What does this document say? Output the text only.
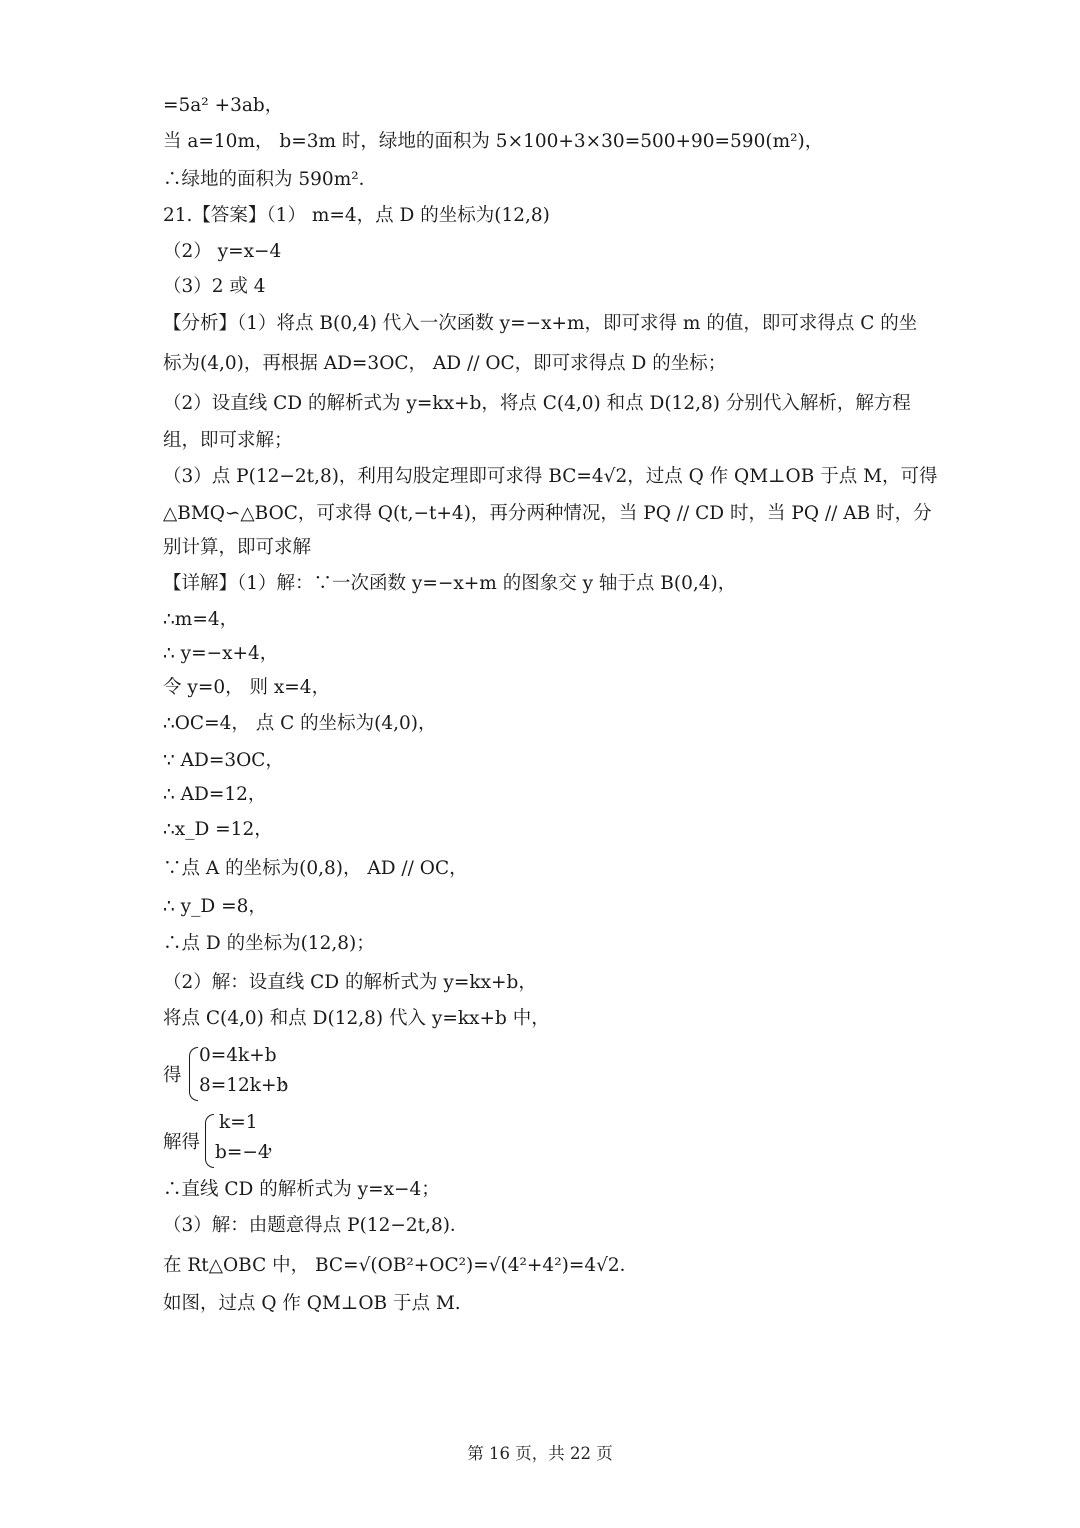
=5a² +3ab，
当 a=10m， b=3m 时，绿地的面积为 5×100+3×30=500+90=590(m²)，
∴绿地的面积为 590m²．
21.【答案】（1） m=4，点 D 的坐标为(12,8)
（2） y=x−4
（3）2 或 4
【分析】（1）将点 B(0,4) 代入一次函数 y=−x+m，即可求得 m 的值，即可求得点 C 的坐
标为(4,0)，再根据 AD=3OC， AD // OC，即可求得点 D 的坐标；
（2）设直线 CD 的解析式为 y=kx+b，将点 C(4,0) 和点 D(12,8) 分别代入解析，解方程
组，即可求解；
（3）点 P(12−2t,8)，利用勾股定理即可求得 BC=4√2，过点 Q 作 QM⊥OB 于点 M，可得
△BMQ∽△BOC，可求得 Q(t,−t+4)，再分两种情况，当 PQ // CD 时，当 PQ // AB 时，分
别计算，即可求解
【详解】（1）解：∵一次函数 y=−x+m 的图象交 y 轴于点 B(0,4)，
∴m=4，
∴ y=−x+4，
令 y=0， 则 x=4，
∴OC=4， 点 C 的坐标为(4,0)，
∵ AD=3OC，
∴ AD=12，
∴x_D =12，
∵点 A 的坐标为(0,8)， AD // OC，
∴ y_D =8，
∴点 D 的坐标为(12,8)；
（2）解：设直线 CD 的解析式为 y=kx+b，
将点 C(4,0) 和点 D(12,8) 代入 y=kx+b 中，
得
0=4k+b
8=12k+b
，
解得
k=1
b=−4
，
∴直线 CD 的解析式为 y=x−4；
（3）解：由题意得点 P(12−2t,8)．
在 Rt△OBC 中， BC=√(OB²+OC²)=√(4²+4²)=4√2．
如图，过点 Q 作 QM⊥OB 于点 M.
第 16 页，共 22 页
